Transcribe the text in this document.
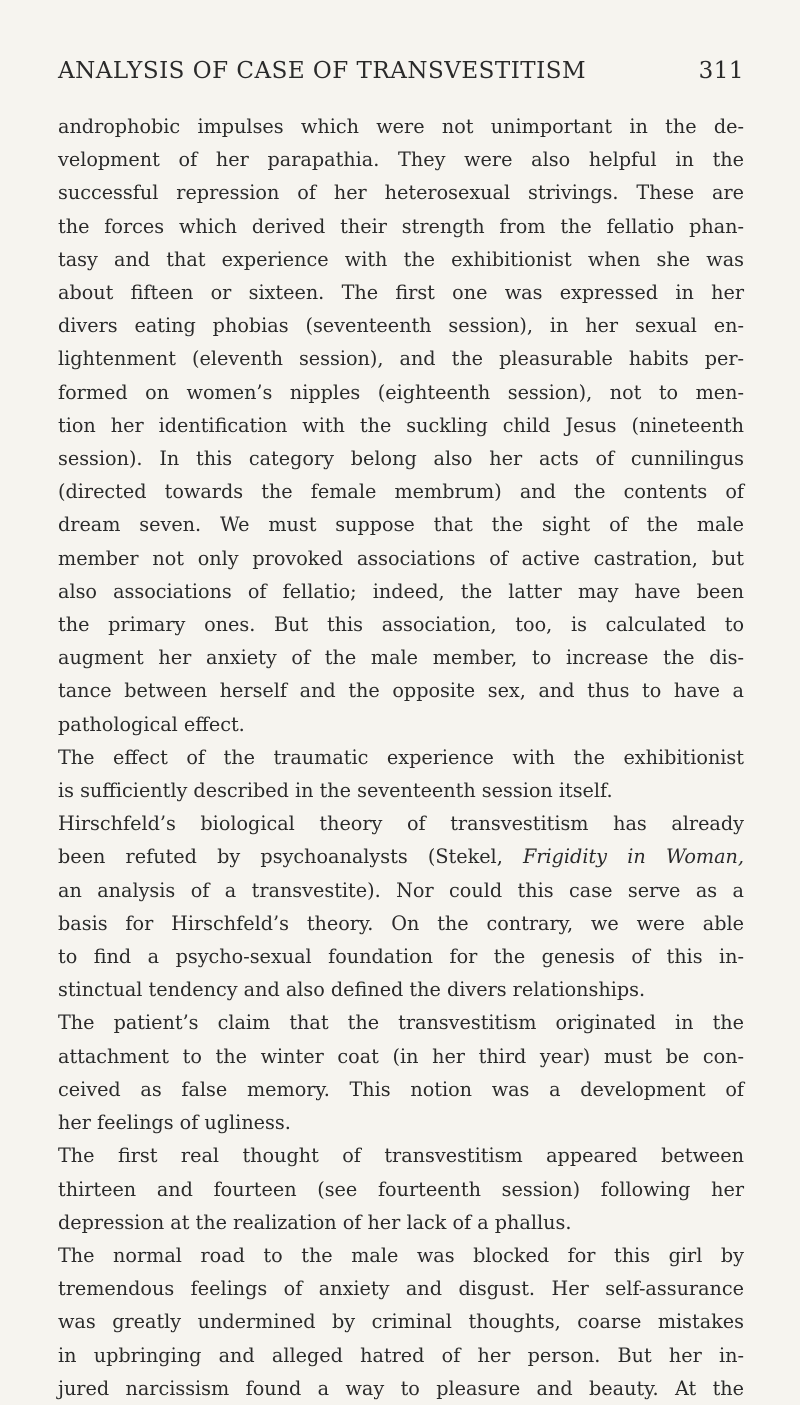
ANALYSIS OF CASE OF TRANSVESTITISM	311

androphobic impulses which were not unimportant in the de-

velopment of her parapathia. They were also helpful in the

successful repression of her heterosexual strivings. These are

the forces which derived their strength from the fellatio phan-

tasy and that experience with the exhibitionist when she was

about fifteen or sixteen. The first one was expressed in her

divers eating phobias (seventeenth session), in her sexual en-

lightenment (eleventh session), and the pleasurable habits per-

formed on women’s nipples (eighteenth session), not to men-

tion her identification with the suckling child Jesus (nineteenth

session). In this category belong also her acts of cunnilingus

(directed towards the female membrum) and the contents of

dream seven. We must suppose that the sight of the male

member not only provoked associations of active castration, but

also associations of fellatio; indeed, the latter may have been

the primary ones. But this association, too, is calculated to

augment her anxiety of the male member, to increase the dis-

tance between herself and the opposite sex, and thus to have a

pathological effect.

The effect of the traumatic experience with the exhibitionist

is sufficiently described in the seventeenth session itself.

Hirschfeld’s biological theory of transvestitism has already

been refuted by psychoanalysts (Stekel, Frigidity in Woman,

an analysis of a transvestite). Nor could this case serve as a

basis for Hirschfeld’s theory. On the contrary, we were able

to find a psycho-sexual foundation for the genesis of this in-

stinctual tendency and also defined the divers relationships.

The patient’s claim that the transvestitism originated in the

attachment to the winter coat (in her third year) must be con-

ceived as false memory. This notion was a development of

her feelings of ugliness.

The first real thought of transvestitism appeared between

thirteen and fourteen (see fourteenth session) following her

depression at the realization of her lack of a phallus.

The normal road to the male was blocked for this girl by

tremendous feelings of anxiety and disgust. Her self-assurance

was greatly undermined by criminal thoughts, coarse mistakes

in upbringing and alleged hatred of her person. But her in-

jured narcissism found a way to pleasure and beauty. At the
